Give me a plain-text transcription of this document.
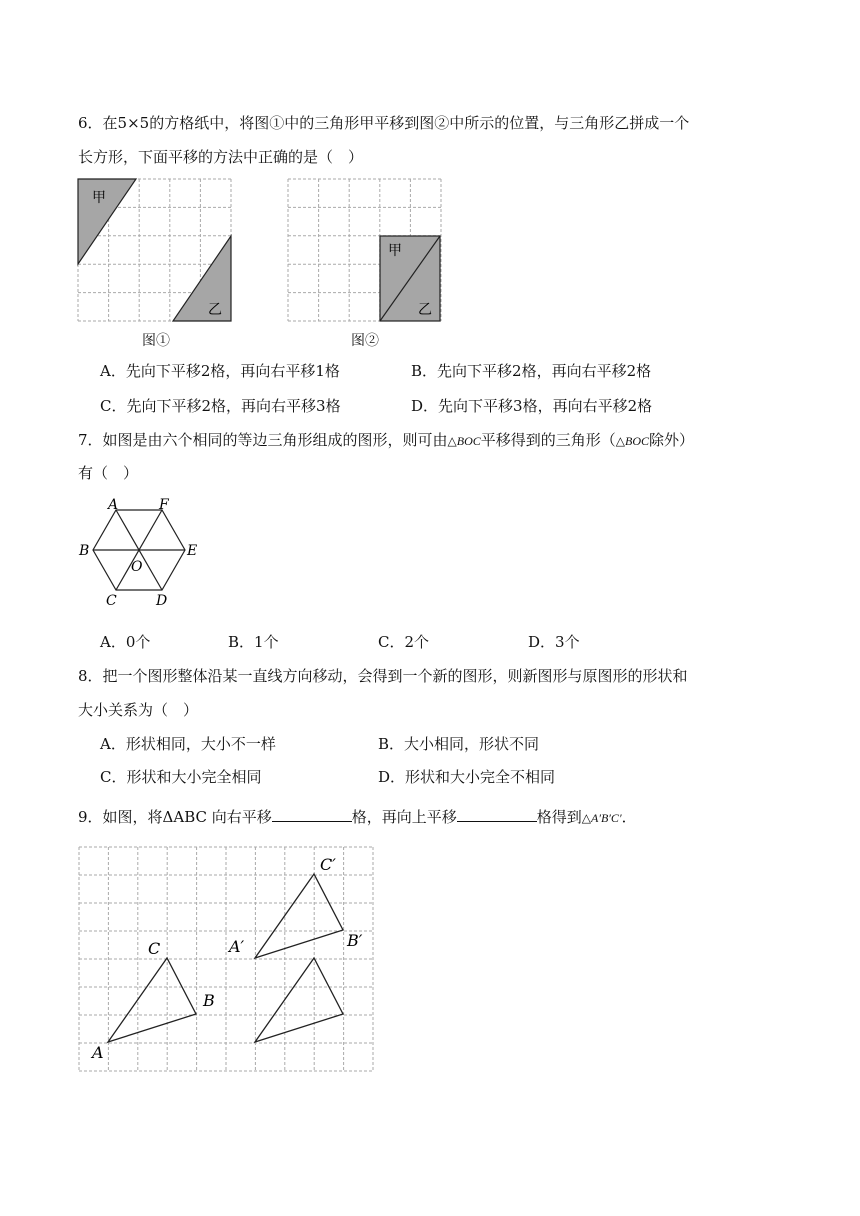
6．在5×5的方格纸中，将图①中的三角形甲平移到图②中所示的位置，与三角形乙拼成一个
长方形，下面平移的方法中正确的是（　）
甲
乙
图①
甲
乙
图②
A．先向下平移2格，再向右平移1格	B．先向下平移2格，再向右平移2格
C．先向下平移2格，再向右平移3格	D．先向下平移3格，再向右平移2格
7．如图是由六个相同的等边三角形组成的图形，则可由△BOC平移得到的三角形（△BOC除外）
有（　）
A	F
B	E
O
C	D
A．0个	B．1个	C．2个	D．3个
8．把一个图形整体沿某一直线方向移动，会得到一个新的图形，则新图形与原图形的形状和
大小关系为（　）
A．形状相同，大小不一样	B．大小相同，形状不同
C．形状和大小完全相同	D．形状和大小完全不相同
9．如图，将ΔABC 向右平移	格，再向上平移	格得到△A′B′C′．
A
B
C	A′	B′
C′
